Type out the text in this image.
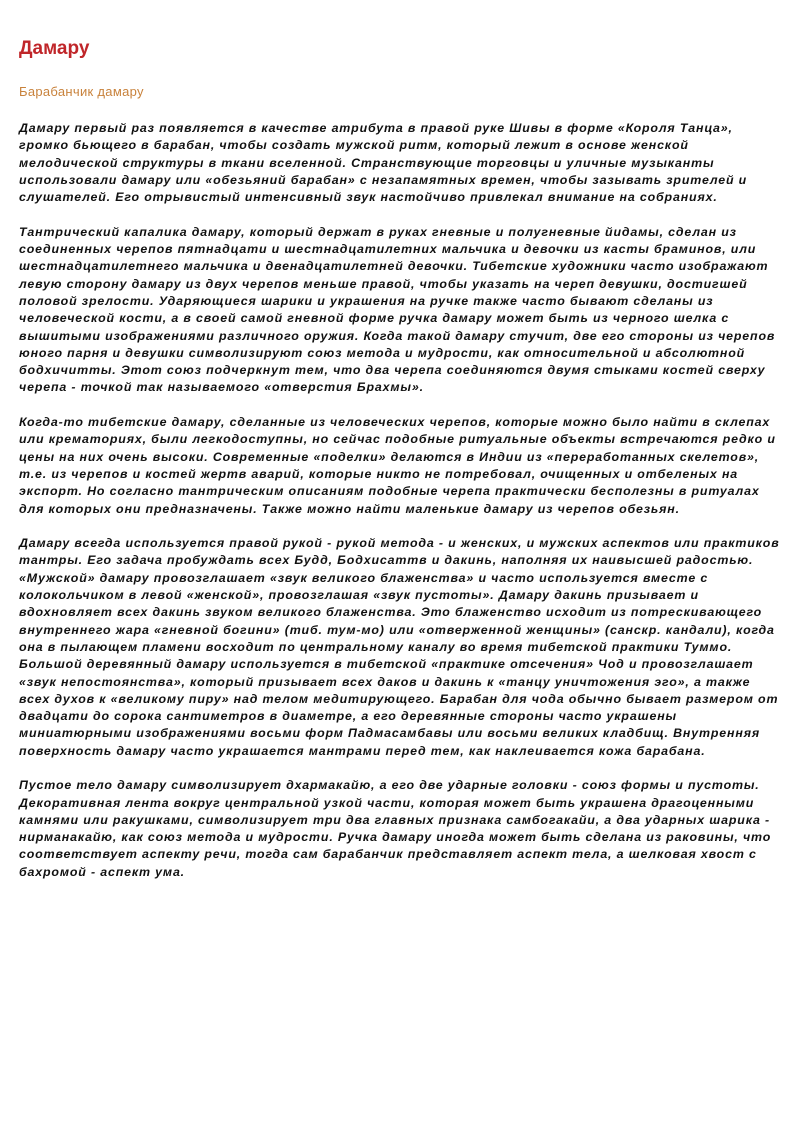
Дамару
Барабанчик дамару

Дамару первый раз появляется в качестве атрибута в правой руке Шивы в форме «Короля Танца», громко бьющего в барабан, чтобы создать мужской ритм, который лежит в основе женской мелодической структуры в ткани вселенной. Странствующие торговцы и уличные музыканты использовали дамару или «обезьяний барабан» с незапамятных времен, чтобы зазывать зрителей и слушателей. Его отрывистый интенсивный звук настойчиво привлекал внимание на собраниях.

Тантрический капалика дамару, который держат в руках гневные и полугневные йидамы, сделан из соединенных черепов пятнадцати и шестнадцатилетних мальчика и девочки из касты браминов, или шестнадцатилетнего мальчика и двенадцатилетней девочки. Тибетские художники часто изображают левую сторону дамару из двух черепов меньше правой, чтобы указать на череп девушки, достигшей половой зрелости. Ударяющиеся шарики и украшения на ручке также часто бывают сделаны из человеческой кости, а в своей самой гневной форме ручка дамару может быть из черного шелка с вышитыми изображениями различного оружия. Когда такой дамару стучит, две его стороны из черепов юного парня и девушки символизируют союз метода и мудрости, как относительной и абсолютной бодхичитты. Этот союз подчеркнут тем, что два черепа соединяются двумя стыками костей сверху черепа - точкой так называемого «отверстия Брахмы».

Когда-то тибетские дамару, сделанные из человеческих черепов, которые можно было найти в склепах или крематориях, были легкодоступны, но сейчас подобные ритуальные объекты встречаются редко и цены на них очень высоки. Современные «поделки» делаются в Индии из «переработанных скелетов», т.е. из черепов и костей жертв аварий, которые никто не потребовал, очищенных и отбеленых на экспорт. Но согласно тантрическим описаниям подобные черепа практически бесполезны в ритуалах для которых они предназначены. Также можно найти маленькие дамару из черепов обезьян.

Дамару всегда используется правой рукой - рукой метода - и женских, и мужских аспектов или практиков тантры. Его задача пробуждать всех Будд, Бодхисаттв и дакинь, наполняя их наивысшей радостью. «Мужской» дамару провозглашает «звук великого блаженства» и часто используется вместе с колокольчиком в левой «женской», провозглашая «звук пустоты». Дамару дакинь призывает и вдохновляет всех дакинь звуком великого блаженства. Это блаженство исходит из потрескивающего внутреннего жара «гневной богини» (тиб. тум-мо) или «отверженной женщины» (санскр. кандали), когда она в пылающем пламени восходит по центральному каналу во время тибетской практики Туммо. Большой деревянный дамару используется в тибетской «практике отсечения» Чод и провозглашает «звук непостоянства», который призывает всех даков и дакинь к «танцу уничтожения эго», а также всех духов к «великому пиру» над телом медитирующего. Барабан для чода обычно бывает размером от двадцати до сорока сантиметров в диаметре, а его деревянные стороны часто украшены миниатюрными изображениями восьми форм Падмасамбавы или восьми великих кладбищ. Внутренняя поверхность дамару часто украшается мантрами перед тем, как наклеивается кожа барабана.

Пустое тело дамару символизирует дхармакайю, а его две ударные головки - союз формы и пустоты. Декоративная лента вокруг центральной узкой части, которая может быть украшена драгоценными камнями или ракушками, символизирует три два главных признака самбогакайи, а два ударных шарика - нирманакайю, как союз метода и мудрости. Ручка дамару иногда может быть сделана из раковины, что соответствует аспекту речи, тогда сам барабанчик представляет аспект тела, а шелковая хвост с бахромой - аспект ума.
